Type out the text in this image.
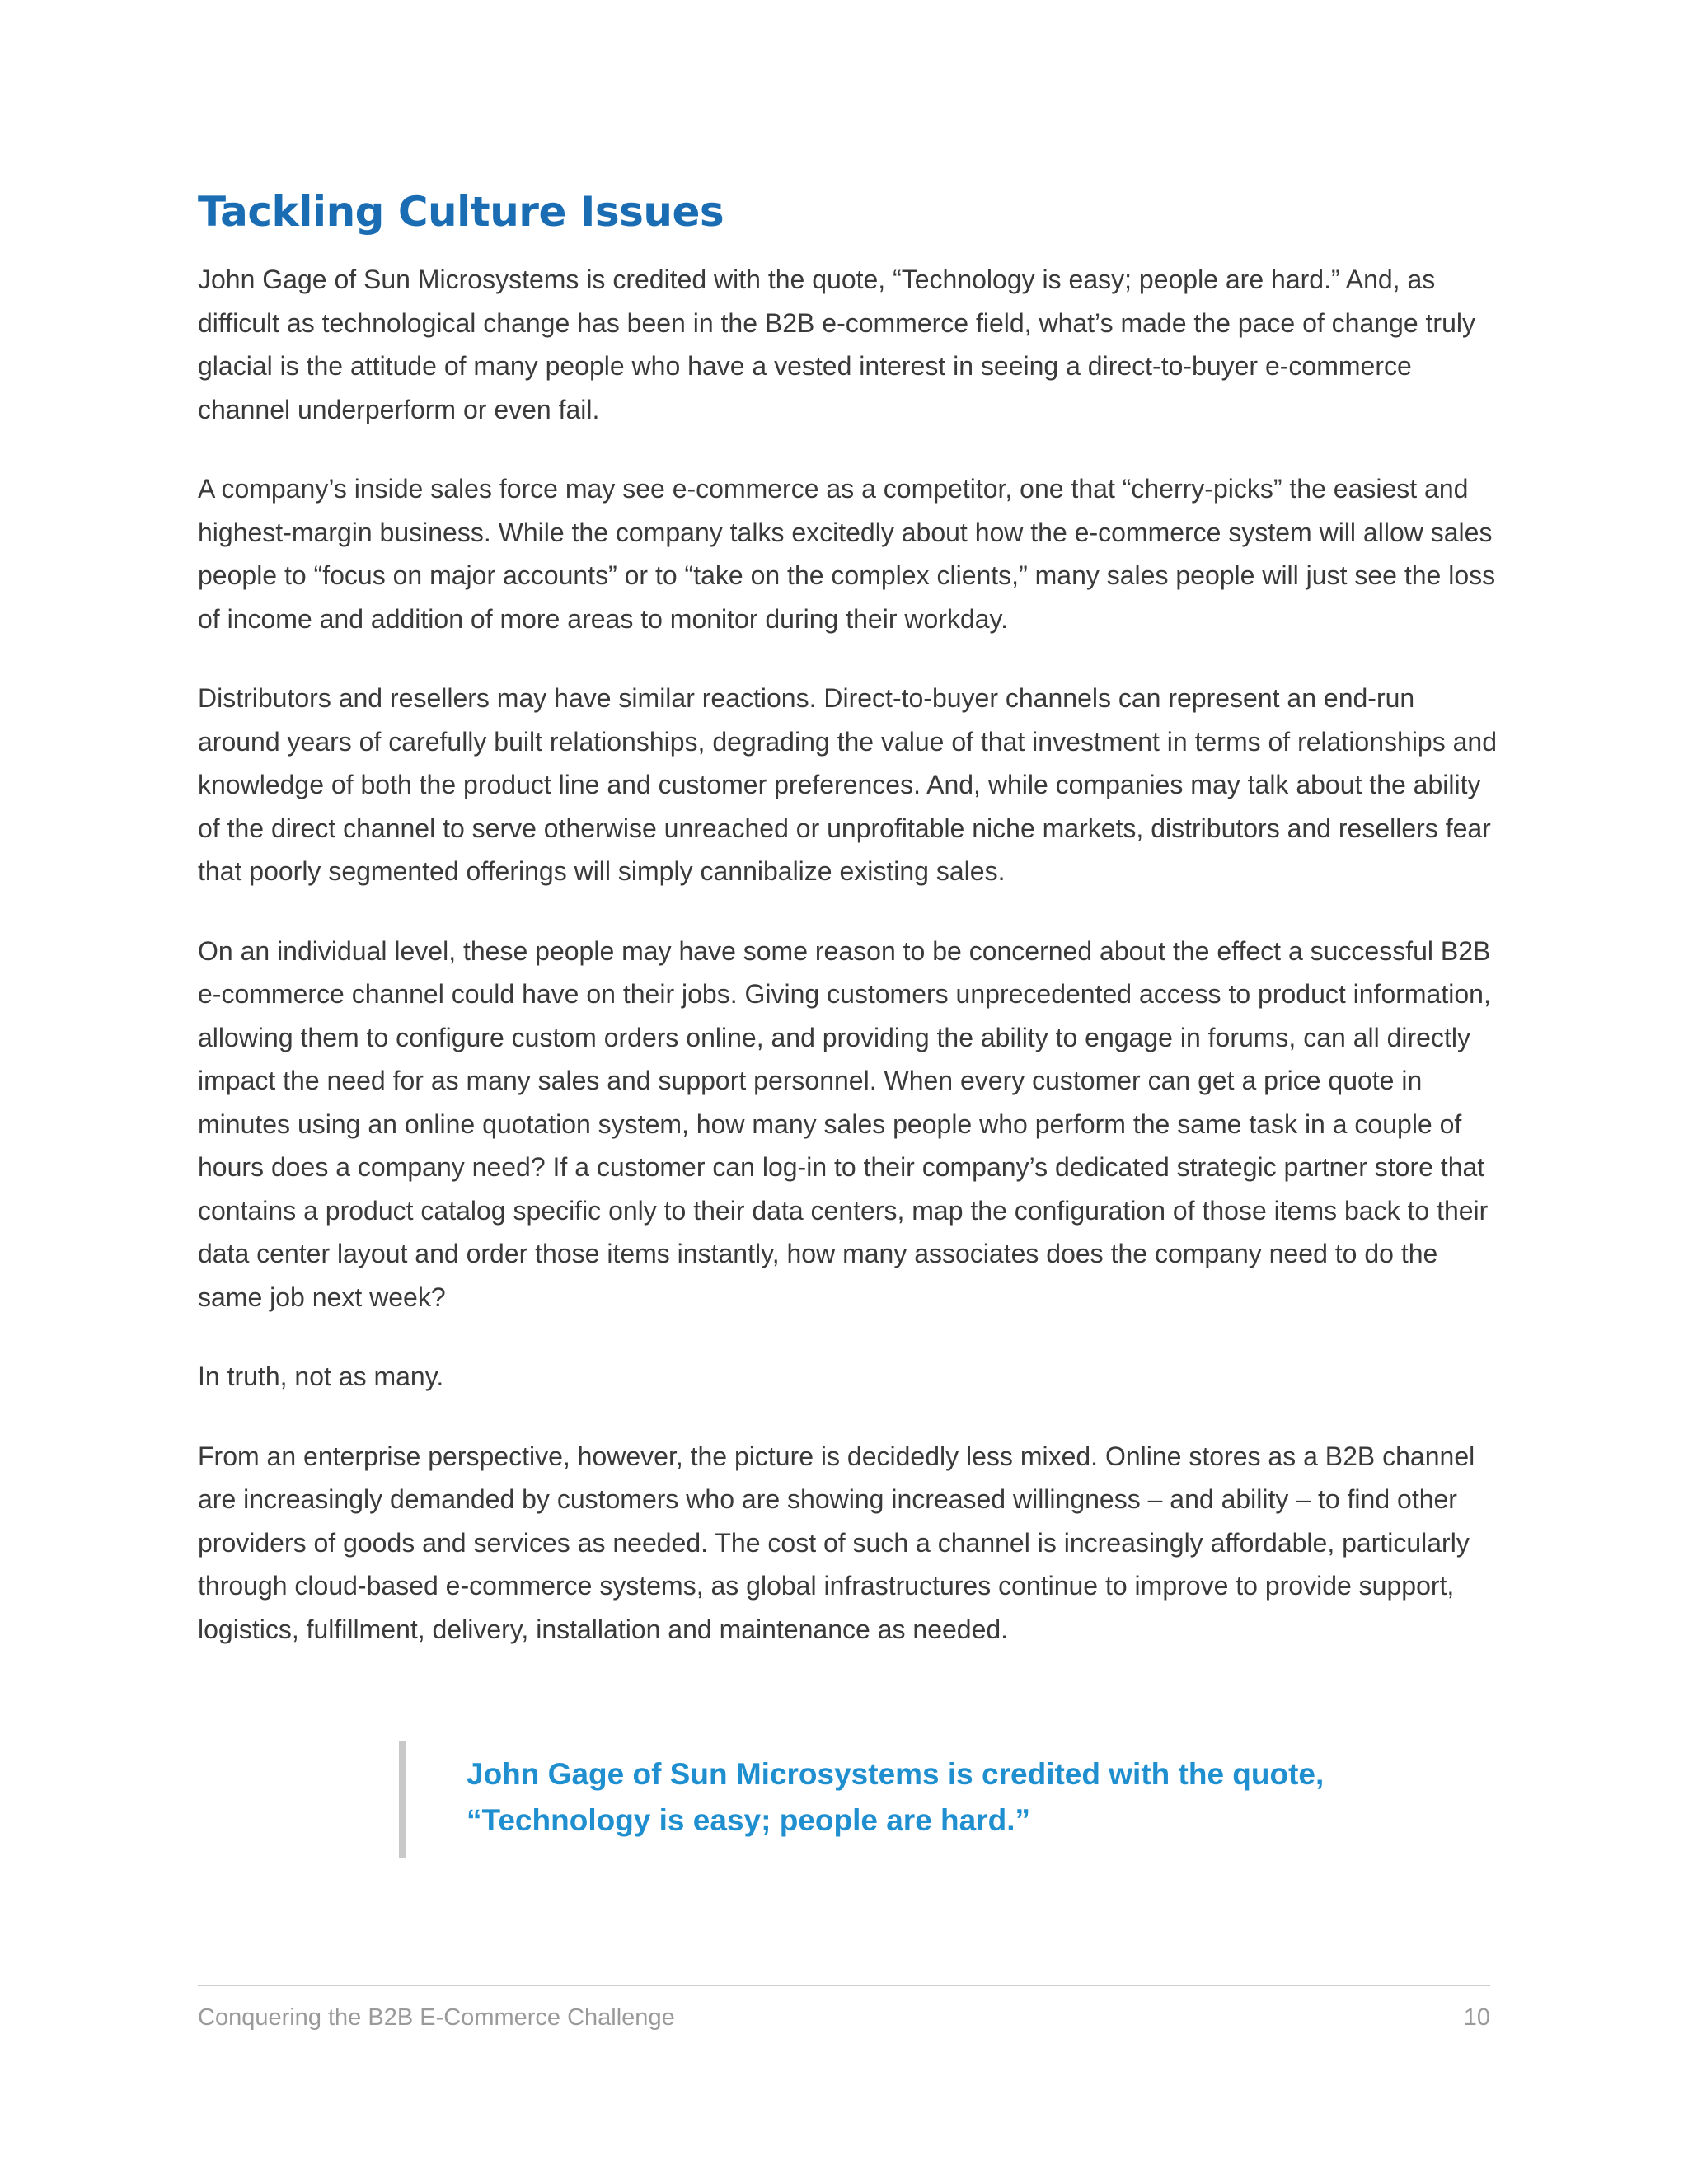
Tackling Culture Issues

John Gage of Sun Microsystems is credited with the quote, “Technology is easy; people are hard.” And, as difficult as technological change has been in the B2B e-commerce field, what’s made the pace of change truly glacial is the attitude of many people who have a vested interest in seeing a direct-to-buyer e-commerce channel underperform or even fail.

A company’s inside sales force may see e-commerce as a competitor, one that “cherry-picks” the easiest and highest-margin business. While the company talks excitedly about how the e-commerce system will allow sales people to “focus on major accounts” or to “take on the complex clients,” many sales people will just see the loss of income and addition of more areas to monitor during their workday.

Distributors and resellers may have similar reactions. Direct-to-buyer channels can represent an end-run around years of carefully built relationships, degrading the value of that investment in terms of relationships and knowledge of both the product line and customer preferences. And, while companies may talk about the ability of the direct channel to serve otherwise unreached or unprofitable niche markets, distributors and resellers fear that poorly segmented offerings will simply cannibalize existing sales.

On an individual level, these people may have some reason to be concerned about the effect a successful B2B e-commerce channel could have on their jobs. Giving customers unprecedented access to product information, allowing them to configure custom orders online, and providing the ability to engage in forums, can all directly impact the need for as many sales and support personnel. When every customer can get a price quote in minutes using an online quotation system, how many sales people who perform the same task in a couple of hours does a company need? If a customer can log-in to their company’s dedicated strategic partner store that contains a product catalog specific only to their data centers, map the configuration of those items back to their data center layout and order those items instantly, how many associates does the company need to do the same job next week?

In truth, not as many.

From an enterprise perspective, however, the picture is decidedly less mixed. Online stores as a B2B channel are increasingly demanded by customers who are showing increased willingness – and ability – to find other providers of goods and services as needed. The cost of such a channel is increasingly affordable, particularly through cloud-based e-commerce systems, as global infrastructures continue to improve to provide support, logistics, fulfillment, delivery, installation and maintenance as needed.

John Gage of Sun Microsystems is credited with the quote,
“Technology is easy; people are hard.”

Conquering the B2B E-Commerce Challenge	10
